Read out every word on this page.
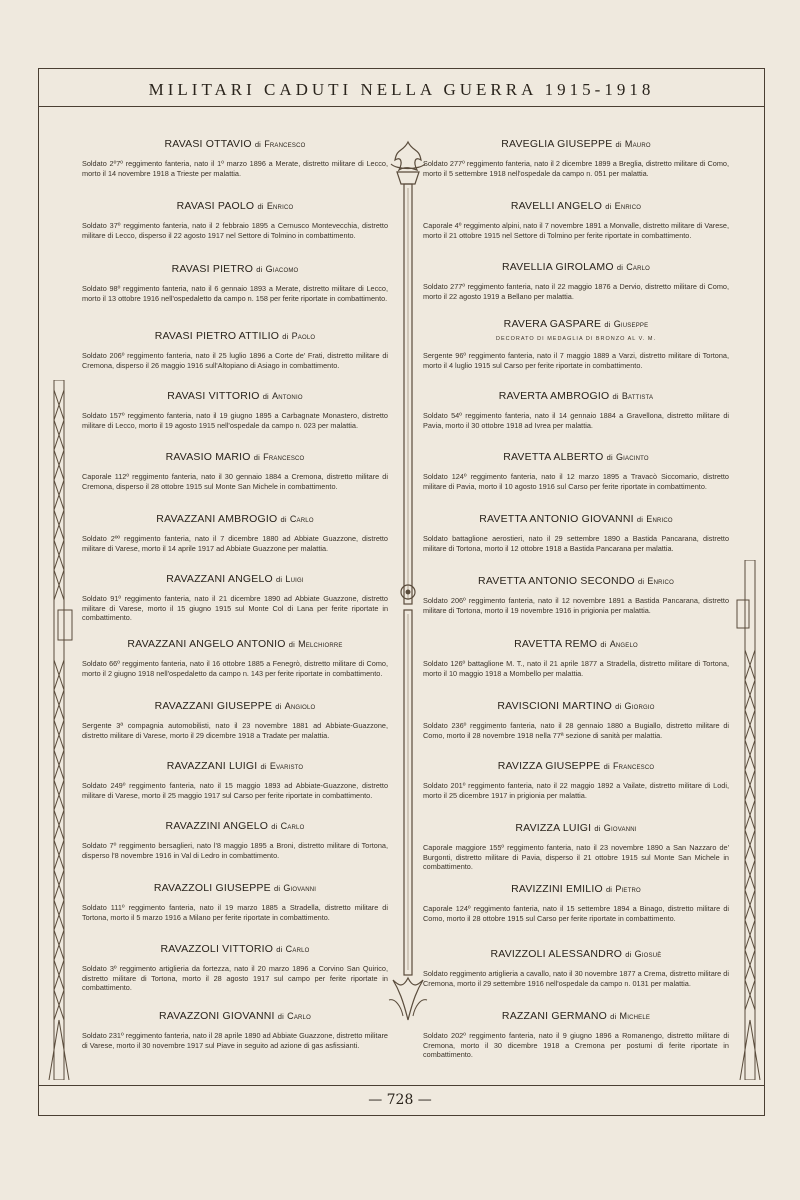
MILITARI CADUTI NELLA GUERRA 1915-1918
— 728 —
RAVASI OTTAVIO di Francesco
Soldato 2º7º reggimento fanteria, nato il 1º marzo 1896 a Merate, distretto militare di Lecco, morto il 14 novembre 1918 a Trieste per malattia.
RAVASI PAOLO di Enrico
Soldato 37º reggimento fanteria, nato il 2 febbraio 1895 a Cernusco Montevecchia, distretto militare di Lecco, disperso il 22 agosto 1917 nel Settore di Tolmino in combattimento.
RAVASI PIETRO di Giacomo
Soldato 98º reggimento fanteria, nato il 6 gennaio 1893 a Merate, distretto militare di Lecco, morto il 13 ottobre 1916 nell'ospedaletto da campo n. 158 per ferite riportate in combattimento.
RAVASI PIETRO ATTILIO di Paolo
Soldato 206º reggimento fanteria, nato il 25 luglio 1896 a Corte de' Frati, distretto militare di Cremona, disperso il 26 maggio 1916 sull'Altopiano di Asiago in combattimento.
RAVASI VITTORIO di Antonio
Soldato 157º reggimento fanteria, nato il 19 giugno 1895 a Carbagnate Monastero, distretto militare di Lecco, morto il 19 agosto 1915 nell'ospedale da campo n. 023 per malattia.
RAVASIO MARIO di Francesco
Caporale 112º reggimento fanteria, nato il 30 gennaio 1884 a Cremona, distretto militare di Cremona, disperso il 28 ottobre 1915 sul Monte San Michele in combattimento.
RAVAZZANI AMBROGIO di Carlo
Soldato 2ºº reggimento fanteria, nato il 7 dicembre 1880 ad Abbiate Guazzone, distretto militare di Varese, morto il 14 aprile 1917 ad Abbiate Guazzone per malattia.
RAVAZZANI ANGELO di Luigi
Soldato 91º reggimento fanteria, nato il 21 dicembre 1890 ad Abbiate Guazzone, distretto militare di Varese, morto il 15 giugno 1915 sul Monte Col di Lana per ferite riportate in combattimento.
RAVAZZANI ANGELO ANTONIO di Melchiorre
Soldato 66º reggimento fanteria, nato il 16 ottobre 1885 a Fenegrò, distretto militare di Como, morto il 2 giugno 1918 nell'ospedaletto da campo n. 143 per ferite riportate in combattimento.
RAVAZZANI GIUSEPPE di Angiolo
Sergente 3ª compagnia automobilisti, nato il 23 novembre 1881 ad Abbiate-Guazzone, distretto militare di Varese, morto il 29 dicembre 1918 a Tradate per malattia.
RAVAZZANI LUIGI di Evaristo
Soldato 249º reggimento fanteria, nato il 15 maggio 1893 ad Abbiate-Guazzone, distretto militare di Varese, morto il 25 maggio 1917 sul Carso per ferite riportate in combattimento.
RAVAZZINI ANGELO di Carlo
Soldato 7º reggimento bersaglieri, nato l'8 maggio 1895 a Broni, distretto militare di Tortona, disperso l'8 novembre 1916 in Val di Ledro in combattimento.
RAVAZZOLI GIUSEPPE di Giovanni
Soldato 111º reggimento fanteria, nato il 19 marzo 1885 a Stradella, distretto militare di Tortona, morto il 5 marzo 1916 a Milano per ferite riportate in combattimento.
RAVAZZOLI VITTORIO di Carlo
Soldato 3º reggimento artiglieria da fortezza, nato il 20 marzo 1896 a Corvino San Quirico, distretto militare di Tortona, morto il 28 agosto 1917 sul campo per ferite riportate in combattimento.
RAVAZZONI GIOVANNI di Carlo
Soldato 231º reggimento fanteria, nato il 28 aprile 1890 ad Abbiate Guazzone, distretto militare di Varese, morto il 30 novembre 1917 sul Piave in seguito ad azione di gas asfissianti.
RAVEGLIA GIUSEPPE di Mauro
Soldato 277º reggimento fanteria, nato il 2 dicembre 1899 a Breglia, distretto militare di Como, morto il 5 settembre 1918 nell'ospedale da campo n. 051 per malattia.
RAVELLI ANGELO di Enrico
Caporale 4º reggimento alpini, nato il 7 novembre 1891 a Monvalle, distretto militare di Varese, morto il 21 ottobre 1915 nel Settore di Tolmino per ferite riportate in combattimento.
RAVELLIA GIROLAMO di Carlo
Soldato 277º reggimento fanteria, nato il 22 maggio 1876 a Dervio, distretto militare di Como, morto il 22 agosto 1919 a Bellano per malattia.
RAVERA GASPARE di Giuseppe
DECORATO DI MEDAGLIA DI BRONZO AL V. M.
Sergente 96º reggimento fanteria, nato il 7 maggio 1889 a Varzi, distretto militare di Tortona, morto il 4 luglio 1915 sul Carso per ferite riportate in combattimento.
RAVERTA AMBROGIO di Battista
Soldato 54º reggimento fanteria, nato il 14 gennaio 1884 a Gravellona, distretto militare di Pavia, morto il 30 ottobre 1918 ad Ivrea per malattia.
RAVETTA ALBERTO di Giacinto
Soldato 124º reggimento fanteria, nato il 12 marzo 1895 a Travacò Siccomario, distretto militare di Pavia, morto il 10 agosto 1916 sul Carso per ferite riportate in combattimento.
RAVETTA ANTONIO GIOVANNI di Enrico
Soldato battaglione aerostieri, nato il 29 settembre 1890 a Bastida Pancarana, distretto militare di Tortona, morto il 12 ottobre 1918 a Bastida Pancarana per malattia.
RAVETTA ANTONIO SECONDO di Enrico
Soldato 206º reggimento fanteria, nato il 12 novembre 1891 a Bastida Pancarana, distretto militare di Tortona, morto il 19 novembre 1916 in prigionia per malattia.
RAVETTA REMO di Angelo
Soldato 126º battaglione M. T., nato il 21 aprile 1877 a Stradella, distretto militare di Tortona, morto il 10 maggio 1918 a Mombello per malattia.
RAVISCIONI MARTINO di Giorgio
Soldato 236º reggimento fanteria, nato il 28 gennaio 1880 a Bugiallo, distretto militare di Como, morto il 28 novembre 1918 nella 77ª sezione di sanità per malattia.
RAVIZZA GIUSEPPE di Francesco
Soldato 201º reggimento fanteria, nato il 22 maggio 1892 a Vailate, distretto militare di Lodi, morto il 25 dicembre 1917 in prigionia per malattia.
RAVIZZA LUIGI di Giovanni
Caporale maggiore 155º reggimento fanteria, nato il 23 novembre 1890 a San Nazzaro de' Burgonti, distretto militare di Pavia, disperso il 21 ottobre 1915 sul Monte San Michele in combattimento.
RAVIZZINI EMILIO di Pietro
Caporale 124º reggimento fanteria, nato il 15 settembre 1894 a Binago, distretto militare di Como, morto il 28 ottobre 1915 sul Carso per ferite riportate in combattimento.
RAVIZZOLI ALESSANDRO di Giosuè
Soldato reggimento artiglieria a cavallo, nato il 30 novembre 1877 a Crema, distretto militare di Cremona, morto il 29 settembre 1916 nell'ospedale da campo n. 0131 per malattia.
RAZZANI GERMANO di Michele
Soldato 202º reggimento fanteria, nato il 9 giugno 1896 a Romanengo, distretto militare di Cremona, morto il 30 dicembre 1918 a Cremona per postumi di ferite riportate in combattimento.
